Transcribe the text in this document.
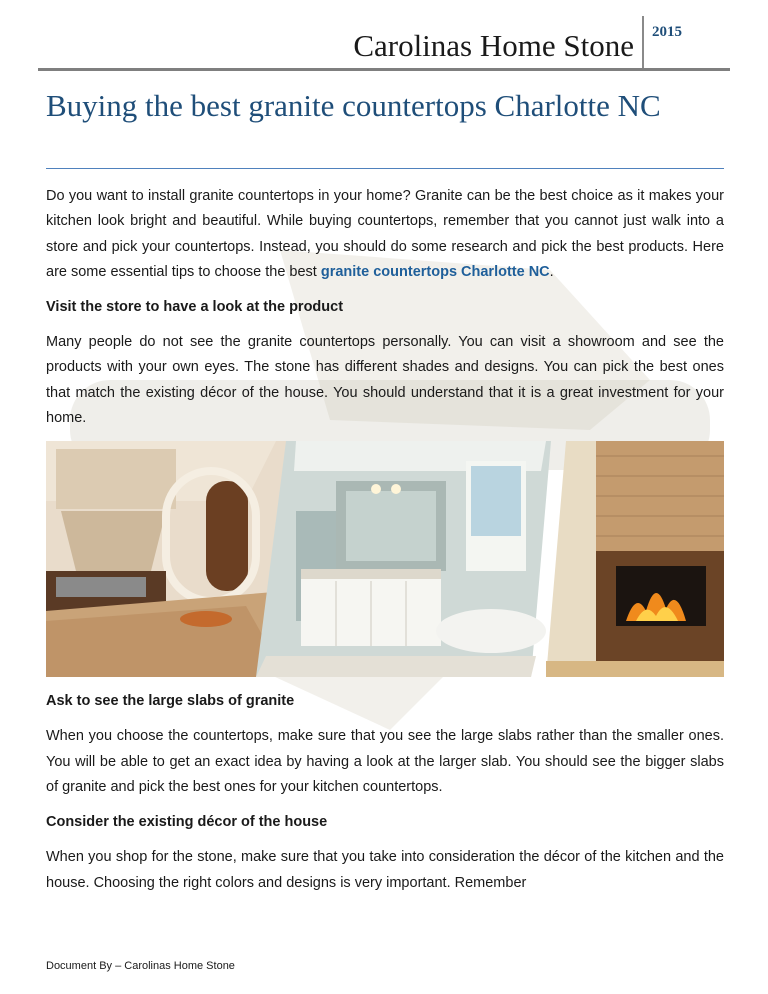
Carolinas Home Stone 2015
Buying the best granite countertops Charlotte NC

Do you want to install granite countertops in your home? Granite can be the best choice as it makes your kitchen look bright and beautiful. While buying countertops, remember that you cannot just walk into a store and pick your countertops. Instead, you should do some research and pick the best products. Here are some essential tips to choose the best granite countertops Charlotte NC.

Visit the store to have a look at the product

Many people do not see the granite countertops personally. You can visit a showroom and see the products with your own eyes. The stone has different shades and designs. You can pick the best ones that match the existing décor of the house. You should understand that it is a great investment for your home.

Ask to see the large slabs of granite

When you choose the countertops, make sure that you see the large slabs rather than the smaller ones. You will be able to get an exact idea by having a look at the larger slab. You should see the bigger slabs of granite and pick the best ones for your kitchen countertops.

Consider the existing décor of the house

When you shop for the stone, make sure that you take into consideration the décor of the kitchen and the house. Choosing the right colors and designs is very important. Remember

Document By – Carolinas Home Stone
